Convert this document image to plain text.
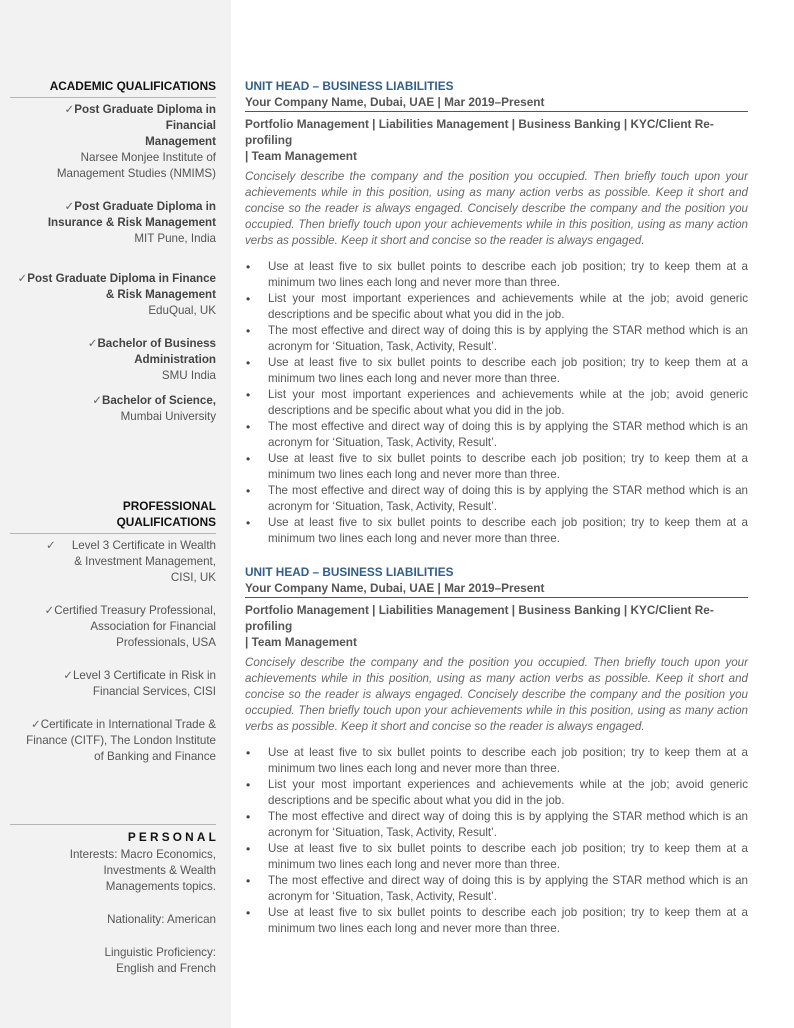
ACADEMIC QUALIFICATIONS
✓Post Graduate Diploma in Financial
Management
Narsee Monjee Institute of
Management Studies (NMIMS)
✓Post Graduate Diploma in
Insurance & Risk Management
MIT Pune, India
✓Post Graduate Diploma in Finance
& Risk Management
EduQual, UK
✓Bachelor of Business
Administration
SMU India
✓Bachelor of Science,
Mumbai University
PROFESSIONAL
QUALIFICATIONS
✓     Level 3 Certificate in Wealth
& Investment Management,
CISI, UK
✓Certified Treasury Professional,
Association for Financial
Professionals, USA
✓Level 3 Certificate in Risk in
Financial Services, CISI
✓Certificate in International Trade &
Finance (CITF), The London Institute
of Banking and Finance
PERSONAL
Interests: Macro Economics,
Investments & Wealth
Managements topics.
Nationality: American
Linguistic Proficiency:
English and French
UNIT HEAD – BUSINESS LIABILITIES
Your Company Name, Dubai, UAE | Mar 2019–Present
Portfolio Management | Liabilities Management | Business Banking | KYC/Client Re-profiling
| Team Management
Concisely describe the company and the position you occupied. Then briefly touch upon your achievements while in this position, using as many action verbs as possible. Keep it short and concise so the reader is always engaged. Concisely describe the company and the position you occupied. Then briefly touch upon your achievements while in this position, using as many action verbs as possible. Keep it short and concise so the reader is always engaged.
• Use at least five to six bullet points to describe each job position; try to keep them at a minimum two lines each long and never more than three.
• List your most important experiences and achievements while at the job; avoid generic descriptions and be specific about what you did in the job.
• The most effective and direct way of doing this is by applying the STAR method which is an acronym for ‘Situation, Task, Activity, Result’.
• Use at least five to six bullet points to describe each job position; try to keep them at a minimum two lines each long and never more than three.
• List your most important experiences and achievements while at the job; avoid generic descriptions and be specific about what you did in the job.
• The most effective and direct way of doing this is by applying the STAR method which is an acronym for ‘Situation, Task, Activity, Result’.
• Use at least five to six bullet points to describe each job position; try to keep them at a minimum two lines each long and never more than three.
• The most effective and direct way of doing this is by applying the STAR method which is an acronym for ‘Situation, Task, Activity, Result’.
• Use at least five to six bullet points to describe each job position; try to keep them at a minimum two lines each long and never more than three.
UNIT HEAD – BUSINESS LIABILITIES
Your Company Name, Dubai, UAE | Mar 2019–Present
Portfolio Management | Liabilities Management | Business Banking | KYC/Client Re-profiling
| Team Management
Concisely describe the company and the position you occupied. Then briefly touch upon your achievements while in this position, using as many action verbs as possible. Keep it short and concise so the reader is always engaged. Concisely describe the company and the position you occupied. Then briefly touch upon your achievements while in this position, using as many action verbs as possible. Keep it short and concise so the reader is always engaged.
• Use at least five to six bullet points to describe each job position; try to keep them at a minimum two lines each long and never more than three.
• List your most important experiences and achievements while at the job; avoid generic descriptions and be specific about what you did in the job.
• The most effective and direct way of doing this is by applying the STAR method which is an acronym for ‘Situation, Task, Activity, Result’.
• Use at least five to six bullet points to describe each job position; try to keep them at a minimum two lines each long and never more than three.
• The most effective and direct way of doing this is by applying the STAR method which is an acronym for ‘Situation, Task, Activity, Result’.
• Use at least five to six bullet points to describe each job position; try to keep them at a minimum two lines each long and never more than three.
